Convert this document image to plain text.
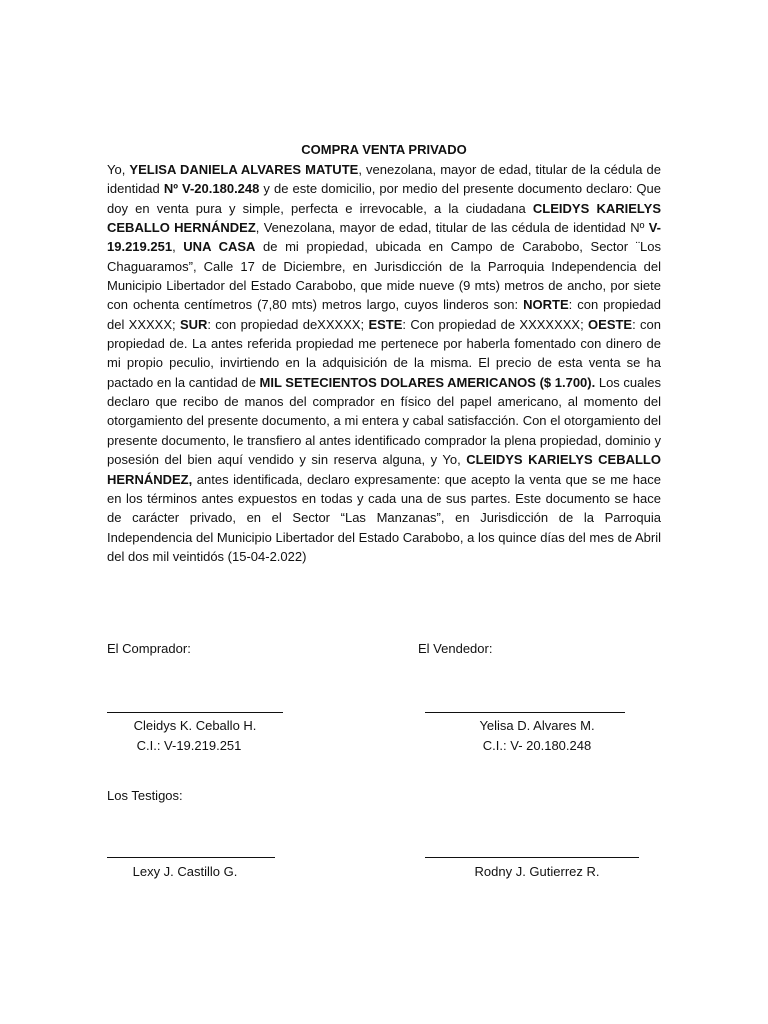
COMPRA VENTA PRIVADO
Yo, YELISA DANIELA ALVARES MATUTE, venezolana, mayor de edad, titular de la cédula de identidad Nº V-20.180.248 y de este domicilio, por medio del presente documento declaro: Que doy en venta pura y simple, perfecta e irrevocable, a la ciudadana CLEIDYS KARIELYS CEBALLO HERNÁNDEZ, Venezolana, mayor de edad, titular de las cédula de identidad Nº V- 19.219.251, UNA CASA de mi propiedad, ubicada en Campo de Carabobo, Sector ¨Los Chaguaramos”, Calle 17 de Diciembre, en Jurisdicción de la Parroquia Independencia del Municipio Libertador del Estado Carabobo, que mide nueve (9 mts) metros de ancho, por siete con ochenta centímetros (7,80 mts) metros largo, cuyos linderos son: NORTE: con propiedad del XXXXX; SUR: con propiedad deXXXXX; ESTE: Con propiedad de XXXXXXX; OESTE: con propiedad de. La antes referida propiedad me pertenece por haberla fomentado con dinero de mi propio peculio, invirtiendo en la adquisición de la misma. El precio de esta venta se ha pactado en la cantidad de MIL SETECIENTOS DOLARES AMERICANOS ($ 1.700). Los cuales declaro que recibo de manos del comprador en físico del papel americano, al momento del otorgamiento del presente documento, a mi entera y cabal satisfacción. Con el otorgamiento del presente documento, le transfiero al antes identificado comprador la plena propiedad, dominio y posesión del bien aquí vendido y sin reserva alguna, y Yo, CLEIDYS KARIELYS CEBALLO HERNÁNDEZ, antes identificada, declaro expresamente: que acepto la venta que se me hace en los términos antes expuestos en todas y cada una de sus partes. Este documento se hace de carácter privado, en el Sector “Las Manzanas”, en Jurisdicción de la Parroquia Independencia del Municipio Libertador del Estado Carabobo, a los quince días del mes de Abril del dos mil veintidós (15-04-2.022)
El Comprador:	El Vendedor:
Cleidys K. Ceballo H.
C.I.: V-19.219.251
Yelisa D. Alvares M.
C.I.: V- 20.180.248
Los Testigos:
Lexy J. Castillo G.	Rodny J. Gutierrez R.
